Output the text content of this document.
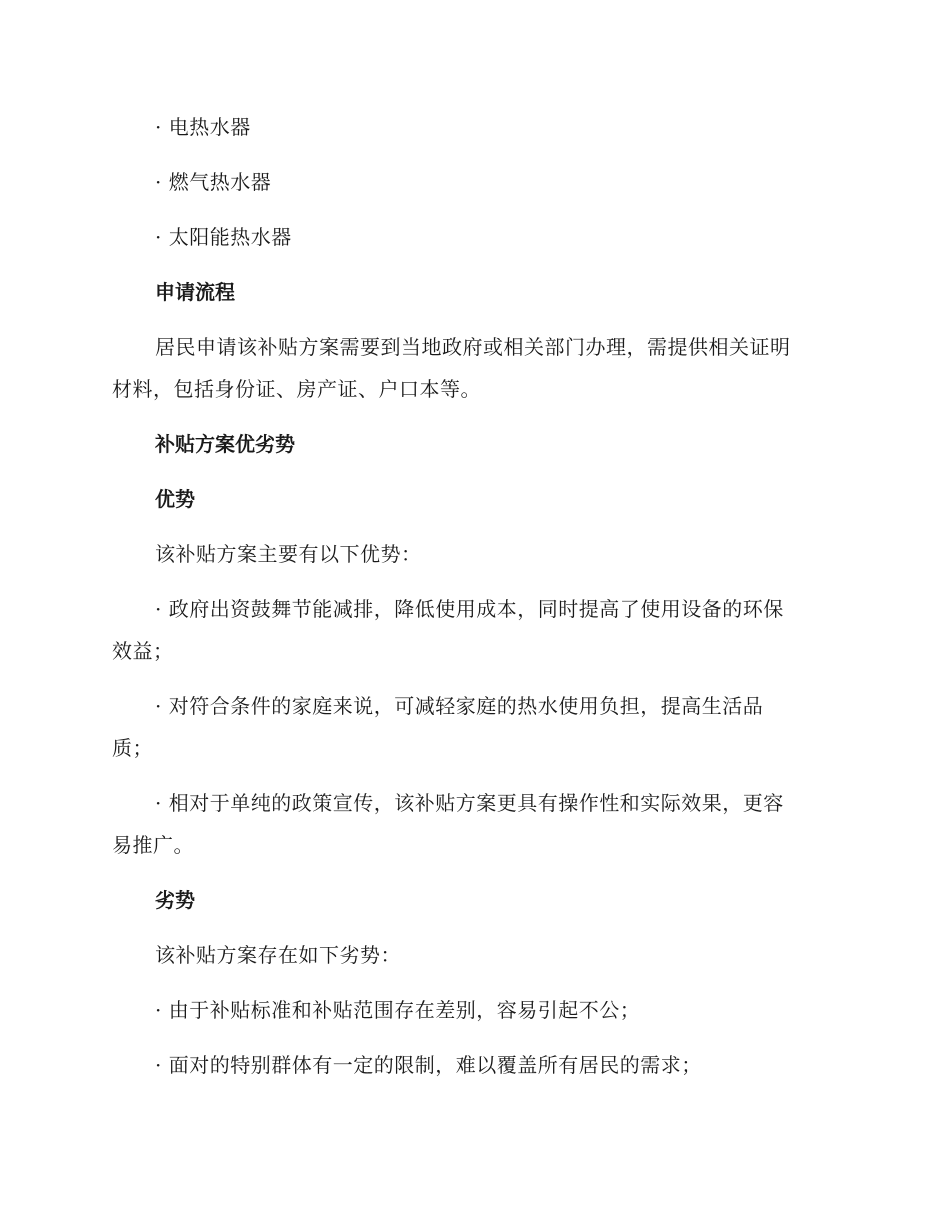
· 电热水器
· 燃气热水器
· 太阳能热水器
申请流程
居民申请该补贴方案需要到当地政府或相关部门办理，需提供相关证明
材料，包括身份证、房产证、户口本等。
补贴方案优劣势
优势
该补贴方案主要有以下优势：
· 政府出资鼓舞节能减排，降低使用成本，同时提高了使用设备的环保
效益；
· 对符合条件的家庭来说，可减轻家庭的热水使用负担，提高生活品
质；
· 相对于单纯的政策宣传，该补贴方案更具有操作性和实际效果，更容
易推广。
劣势
该补贴方案存在如下劣势：
· 由于补贴标准和补贴范围存在差别，容易引起不公；
· 面对的特别群体有一定的限制，难以覆盖所有居民的需求；
